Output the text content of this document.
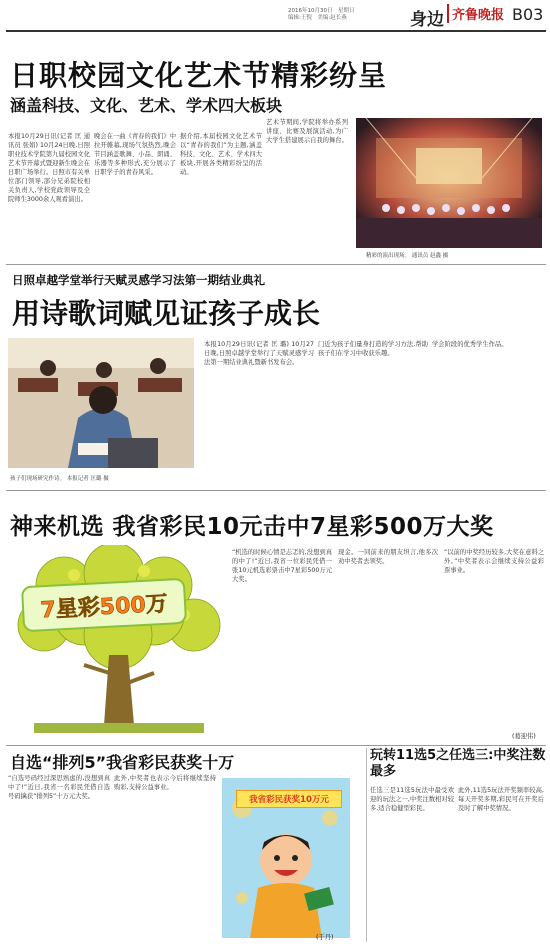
2016年10月30日　星期日
编辑:王倪　美编:赵长燕	身边 齐鲁晚报 B03
日职校园文化艺术节精彩纷呈
涵盖科技、文化、艺术、学术四大板块
本报10月29日讯(记者 匡 通讯员 张娟) 10月24日晚,日照职业技术学院第九届校园文化艺术节开幕式暨迎新生晚会在日职广场举行。日照市有关单位部门领导,部分兄弟院校相关负责人,学校党政领导及全院师生3000余人观看演出。
晚会在一曲《青春的我们》中拉开帷幕,现场气氛热烈,晚会节目涵盖歌舞、小品、朗诵、乐器等多种形式,充分展示了日职学子的青春风采。
据介绍,本届校园文化艺术节以“青春的我们”为主题,涵盖科技、文化、艺术、学术四大板块,开展各类精彩纷呈的活动。
艺术节期间,学院将举办系列讲座、比赛及展演活动,为广大学生搭建展示自我的舞台。
精彩的演出现场。 通讯员 赵鑫 摄
日照卓越学堂举行天赋灵感学习法第一期结业典礼
用诗歌词赋见证孩子成长
孩子们现场研究作诗。 本报记者 匡璐 摄
本报10月29日讯(记者 匡 璐) 10月27日晚,日照卓越学堂举行了天赋灵感学习法第一期结业典礼暨新书发布会。
门近为孩子们量身打造的学习方法,帮助孩子们在学习中收获乐趣。
学会阶段的优秀学生作品。
神来机选 我省彩民10元击中7星彩500万大奖
7星彩500万
“机选的时候心情是忐忑的,没想到真的中了!”近日,我省一位彩民凭借一张10元机选彩票击中7星彩500万元大奖。
现金。一同前来的朋友坦言,他多次劝中奖者去领奖。
“以前的中奖经历较多,大奖在意料之外。”中奖者表示会继续支持公益彩票事业。
(葛迎伟)
自选“排列5”我省彩民获奖十万
“自选号码经过深思熟虑的,没想到真中了!”近日,我省一名彩民凭借自选号码擒获“排列5”十万元大奖。
此外,中奖者也表示今后将继续坚持购彩,支持公益事业。
我省彩民获奖10万元
(于丹)
玩转11选5之任选三:中奖注数最多
任选三是11选5玩法中最受欢迎的玩法之一,中奖注数相对较多,适合稳健型彩民。
此外,11选5玩法开奖频率较高,每天开奖多期,彩民可在开奖后及时了解中奖情况。
